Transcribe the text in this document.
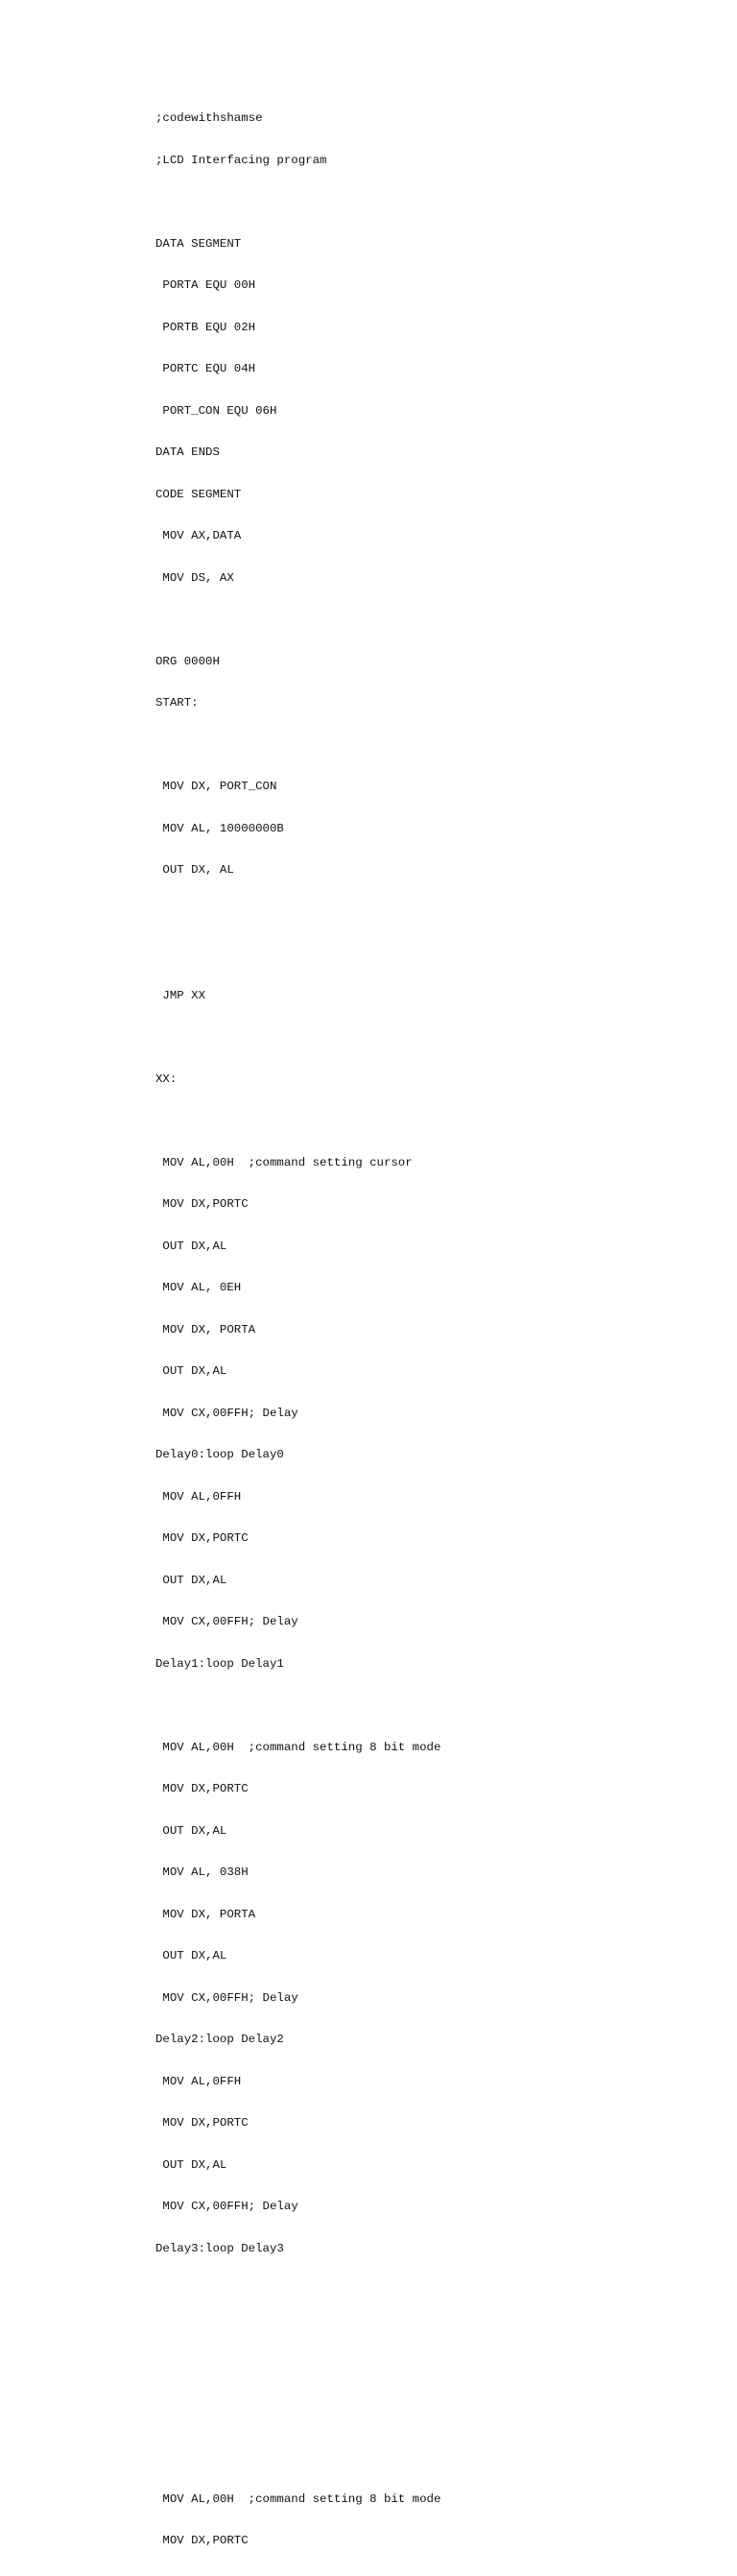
;codewithshamse

;LCD Interfacing program

DATA SEGMENT

PORTA EQU 00H

PORTB EQU 02H

PORTC EQU 04H

PORT_CON EQU 06H

DATA ENDS

CODE SEGMENT

MOV AX,DATA

MOV DS, AX

ORG 0000H

START:

MOV DX, PORT_CON

MOV AL, 10000000B

OUT DX, AL

JMP XX

XX:

MOV AL,00H  ;command setting cursor

MOV DX,PORTC

OUT DX,AL

MOV AL, 0EH

MOV DX, PORTA

OUT DX,AL

MOV CX,00FFH; Delay

Delay0:loop Delay0

MOV AL,0FFH

MOV DX,PORTC

OUT DX,AL

MOV CX,00FFH; Delay

Delay1:loop Delay1

MOV AL,00H  ;command setting 8 bit mode

MOV DX,PORTC

OUT DX,AL

MOV AL, 038H

MOV DX, PORTA

OUT DX,AL

MOV CX,00FFH; Delay

Delay2:loop Delay2

MOV AL,0FFH

MOV DX,PORTC

OUT DX,AL

MOV CX,00FFH; Delay

Delay3:loop Delay3

MOV AL,00H  ;command setting 8 bit mode

MOV DX,PORTC
